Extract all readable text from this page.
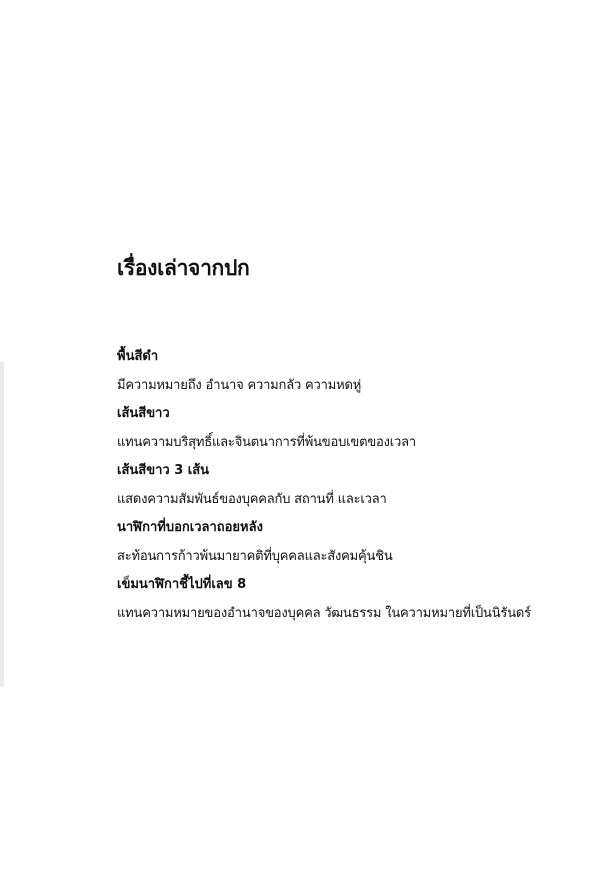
เรื่องเล่าจากปก
พื้นสีดำ
มีความหมายถึง อำนาจ ความกลัว ความหดหู่
เส้นสีขาว
แทนความบริสุทธิ์และจินตนาการที่พ้นขอบเขตของเวลา
เส้นสีขาว 3 เส้น
แสดงความสัมพันธ์ของบุคคลกับ สถานที่ และเวลา
นาฬิกาที่บอกเวลาถอยหลัง
สะท้อนการก้าวพ้นมายาคติที่บุคคลและสังคมคุ้นชิน
เข็มนาฬิกาชี้ไปที่เลข 8
แทนความหมายของอำนาจของบุคคล วัฒนธรรม ในความหมายที่เป็นนิรันดร์
